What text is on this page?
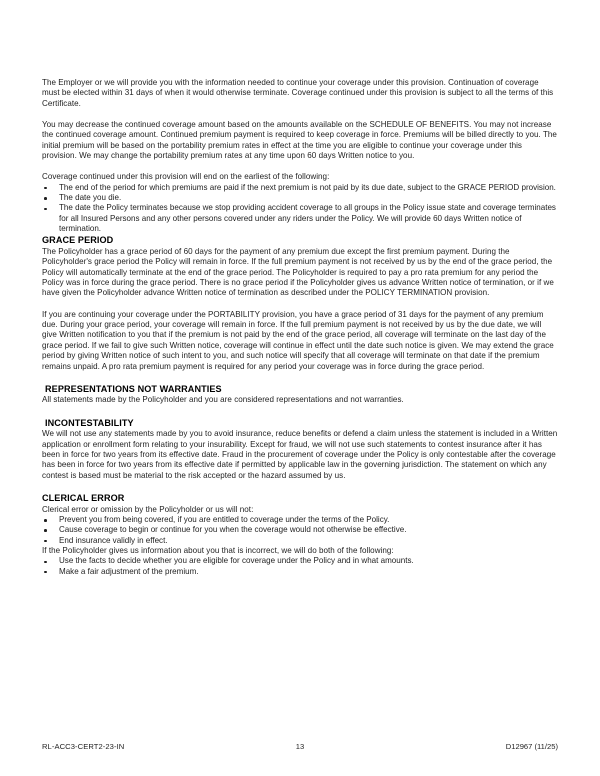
The Employer or we will provide you with the information needed to continue your coverage under this provision. Continuation of coverage must be elected within 31 days of when it would otherwise terminate. Coverage continued under this provision is subject to all the terms of this Certificate.

You may decrease the continued coverage amount based on the amounts available on the SCHEDULE OF BENEFITS. You may not increase the continued coverage amount. Continued premium payment is required to keep coverage in force. Premiums will be billed directly to you. The initial premium will be based on the portability premium rates in effect at the time you are eligible to continue your coverage under this provision. We may change the portability premium rates at any time upon 60 days Written notice to you.

Coverage continued under this provision will end on the earliest of the following:

The end of the period for which premiums are paid if the next premium is not paid by its due date, subject to the GRACE PERIOD provision.
The date you die.
The date the Policy terminates because we stop providing accident coverage to all groups in the Policy issue state and coverage terminates for all Insured Persons and any other persons covered under any riders under the Policy. We will provide 60 days Written notice of termination.
GRACE PERIOD

The Policyholder has a grace period of 60 days for the payment of any premium due except the first premium payment. During the Policyholder's grace period the Policy will remain in force. If the full premium payment is not received by us by the end of the grace period, the Policy will automatically terminate at the end of the grace period. The Policyholder is required to pay a pro rata premium for any period the Policy was in force during the grace period. There is no grace period if the Policyholder gives us advance Written notice of termination, or if we have given the Policyholder advance Written notice of termination as described under the POLICY TERMINATION provision.

If you are continuing your coverage under the PORTABILITY provision, you have a grace period of 31 days for the payment of any premium due. During your grace period, your coverage will remain in force. If the full premium payment is not received by us by the due date, we will give Written notification to you that if the premium is not paid by the end of the grace period, all coverage will terminate on the last day of the grace period. If we fail to give such Written notice, coverage will continue in effect until the date such notice is given. We may extend the grace period by giving Written notice of such intent to you, and such notice will specify that all coverage will terminate on that date if the premium remains unpaid. A pro rata premium payment is required for any period your coverage was in force during the grace period.

REPRESENTATIONS NOT WARRANTIES

All statements made by the Policyholder and you are considered representations and not warranties.

INCONTESTABILITY

We will not use any statements made by you to avoid insurance, reduce benefits or defend a claim unless the statement is included in a Written application or enrollment form relating to your insurability. Except for fraud, we will not use such statements to contest insurance after it has been in force for two years from its effective date. Fraud in the procurement of coverage under the Policy is only contestable after the coverage has been in force for two years from its effective date if permitted by applicable law in the governing jurisdiction. The statement on which any contest is based must be material to the risk accepted or the hazard assumed by us.

CLERICAL ERROR

Clerical error or omission by the Policyholder or us will not:

Prevent you from being covered, if you are entitled to coverage under the terms of the Policy.
Cause coverage to begin or continue for you when the coverage would not otherwise be effective.
End insurance validly in effect.

If the Policyholder gives us information about you that is incorrect, we will do both of the following:

Use the facts to decide whether you are eligible for coverage under the Policy and in what amounts.
Make a fair adjustment of the premium.
RL-ACC3-CERT2-23-IN	13	D12967 (11/25)
